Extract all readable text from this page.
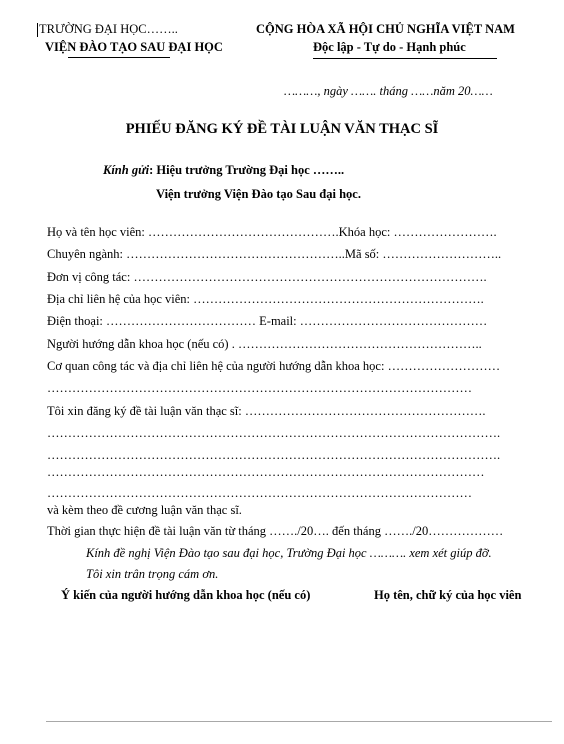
TRƯỜNG ĐẠI HỌC……..
VIỆN ĐÀO TẠO SAU ĐẠI HỌC
CỘNG HÒA XÃ HỘI CHỦ NGHĨA VIỆT NAM
Độc lập - Tự do - Hạnh phúc
………, ngày ……. tháng ……năm 20……
PHIẾU ĐĂNG KÝ ĐỀ TÀI LUẬN VĂN THẠC SĨ
Kính gửi: Hiệu trưởng Trường Đại học ……..
Viện trưởng Viện Đào tạo Sau đại học.
Họ và tên học viên: ……………………………………….Khóa học: …………………….
Chuyên ngành: ……………………………………………..Mã số: ………………………..
Đơn vị công tác: ………………………………………………………………………….
Địa chỉ liên hệ của học viên: …………………………………………………………….
Điện thoại: ……………………………… E-mail: ………………………………………
Người hướng dẫn khoa học (nếu có) . …………………………………………………..
Cơ quan công tác và địa chỉ liên hệ của người hướng dẫn khoa học: ………………………
…………………………………………………………………………………………
Tôi xin đăng ký đề tài luận văn thạc sĩ: ………………………………………………….
……………………………………………………………………………………………….
……………………………………………………………………………………………….
……………………………………………………………………………………………
…………………………………………………………………………………………
và kèm theo đề cương luận văn thạc sĩ.
Thời gian thực hiện đề tài luận văn từ tháng ……./20…. đến tháng ……./20………………
Kính đề nghị Viện Đào tạo sau đại học, Trường Đại học ………. xem xét giúp đỡ.
Tôi xin trân trọng cám ơn.
Ý kiến của người hướng dẫn khoa học (nếu có)	Họ tên, chữ ký của học viên
